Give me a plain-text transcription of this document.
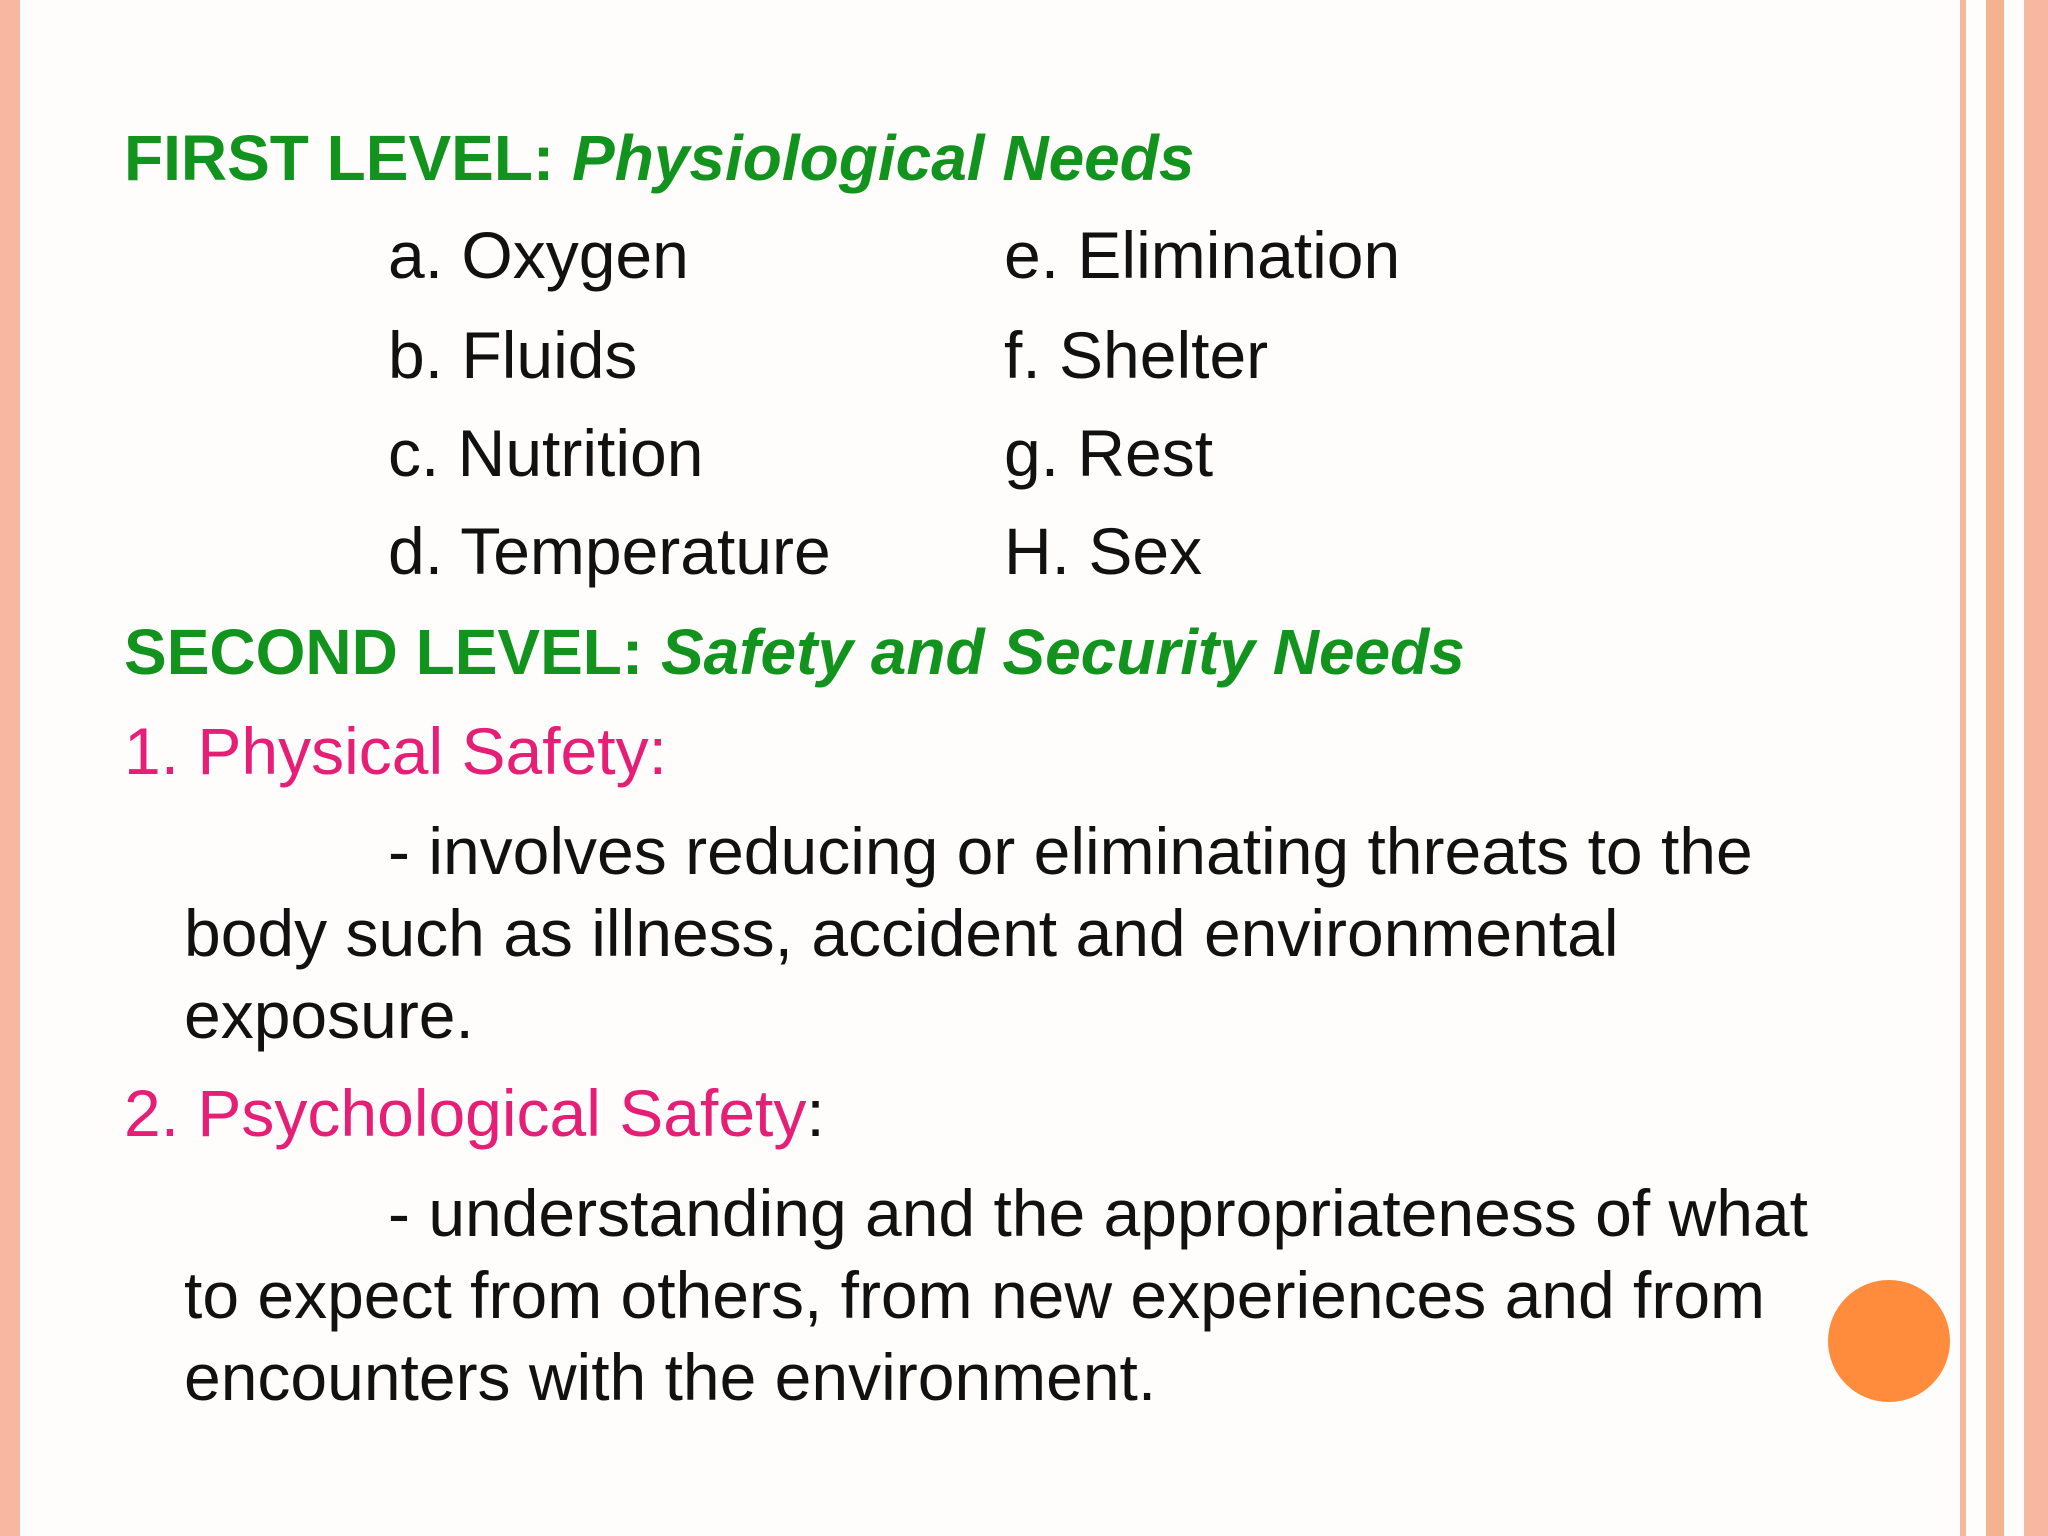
FIRST LEVEL: Physiological Needs
a. Oxygen
b. Fluids
c. Nutrition
d. Temperature
e. Elimination
f. Shelter
g. Rest
H. Sex
SECOND LEVEL: Safety and Security Needs
1. Physical Safety:
- involves reducing or eliminating threats to the
body such as illness, accident and environmental
exposure.
2. Psychological Safety:
- understanding and the appropriateness of what
to expect from others, from new experiences and from
encounters with the environment.
